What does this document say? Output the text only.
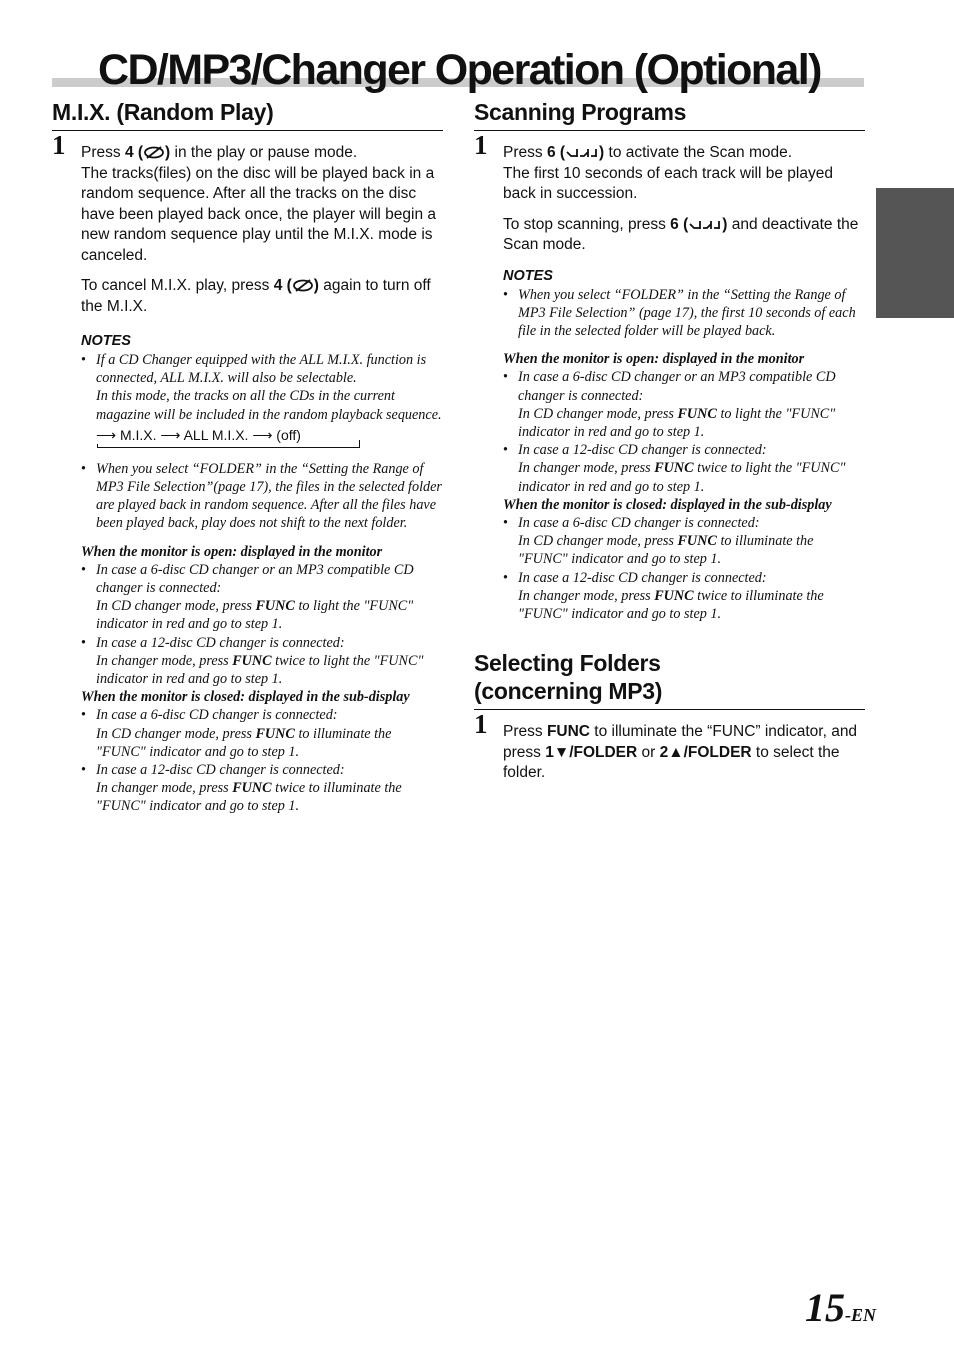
CD/MP3/Changer Operation (Optional)
M.I.X. (Random Play)
1 Press 4 ( ) in the play or pause mode.
The tracks(files) on the disc will be played back in a random sequence. After all the tracks on the disc have been played back once, the player will begin a new random sequence play until the M.I.X. mode is canceled.

To cancel M.I.X. play, press 4 ( ) again to turn off the M.I.X.

NOTES

• If a CD Changer equipped with the ALL M.I.X. function is connected, ALL M.I.X. will also be selectable.
In this mode, the tracks on all the CDs in the current magazine will be included in the random playback sequence.
⟶ M.I.X. ⟶ ALL M.I.X. ⟶ (off)
• When you select “FOLDER” in the “Setting the Range of MP3 File Selection”(page 17), the files in the selected folder are played back in random sequence. After all the files have been played back, play does not shift to the next folder.

When the monitor is open: displayed in the monitor

• In case a 6-disc CD changer or an MP3 compatible CD changer is connected:
In CD changer mode, press FUNC to light the "FUNC" indicator in red and go to step 1.
• In case a 12-disc CD changer is connected:
In changer mode, press FUNC twice to light the "FUNC" indicator in red and go to step 1.

When the monitor is closed: displayed in the sub-display

• In case a 6-disc CD changer is connected:
In CD changer mode, press FUNC to illuminate the "FUNC" indicator and go to step 1.
• In case a 12-disc CD changer is connected:
In changer mode, press FUNC twice to illuminate the "FUNC" indicator and go to step 1.
Scanning Programs
1 Press 6 ( ) to activate the Scan mode.
The first 10 seconds of each track will be played back in succession.

To stop scanning, press 6 ( ) and deactivate the Scan mode.

NOTES

• When you select “FOLDER” in the “Setting the Range of MP3 File Selection” (page 17), the first 10 seconds of each file in the selected folder will be played back.

When the monitor is open: displayed in the monitor

• In case a 6-disc CD changer or an MP3 compatible CD changer is connected:
In CD changer mode, press FUNC to light the "FUNC" indicator in red and go to step 1.
• In case a 12-disc CD changer is connected:
In changer mode, press FUNC twice to light the "FUNC" indicator in red and go to step 1.

When the monitor is closed: displayed in the sub-display

• In case a 6-disc CD changer is connected:
In CD changer mode, press FUNC to illuminate the "FUNC" indicator and go to step 1.
• In case a 12-disc CD changer is connected:
In changer mode, press FUNC twice to illuminate the "FUNC" indicator and go to step 1.
Selecting Folders
(concerning MP3)
1 Press FUNC to illuminate the “FUNC” indicator, and press 1▼/FOLDER or 2▲/FOLDER to select the folder.

15-EN
